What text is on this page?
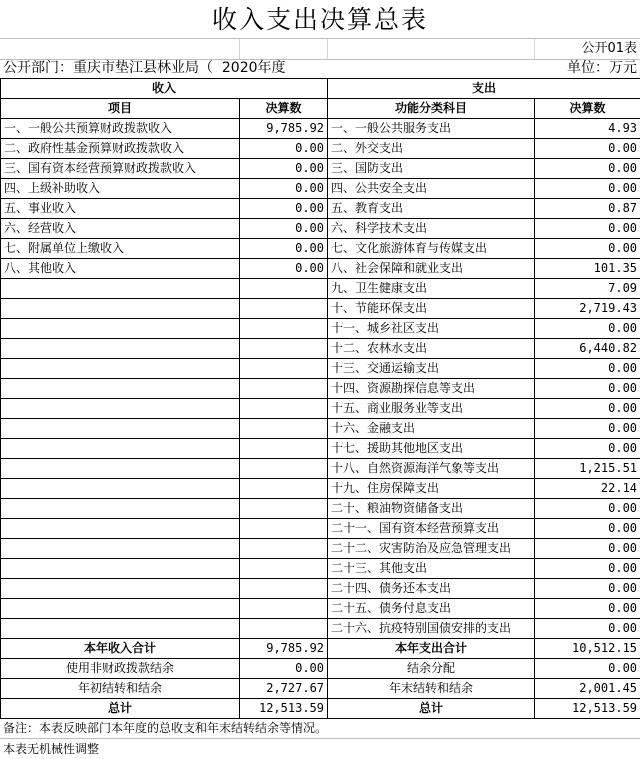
收入支出决算总表
公开01表
公开部门：重庆市垫江县林业局（  2020年度	单位：万元
收入		支出	
项目	决算数	功能分类科目	决算数
一、一般公共预算财政拨款收入	9,785.92	一、一般公共服务支出	4.93
二、政府性基金预算财政拨款收入	0.00	二、外交支出	0.00
三、国有资本经营预算财政拨款收入	0.00	三、国防支出	0.00
四、上级补助收入	0.00	四、公共安全支出	0.00
五、事业收入	0.00	五、教育支出	0.87
六、经营收入	0.00	六、科学技术支出	0.00
七、附属单位上缴收入	0.00	七、文化旅游体育与传媒支出	0.00
八、其他收入	0.00	八、社会保障和就业支出	101.35
		九、卫生健康支出	7.09
		十、节能环保支出	2,719.43
		十一、城乡社区支出	0.00
		十二、农林水支出	6,440.82
		十三、交通运输支出	0.00
		十四、资源勘探信息等支出	0.00
		十五、商业服务业等支出	0.00
		十六、金融支出	0.00
		十七、援助其他地区支出	0.00
		十八、自然资源海洋气象等支出	1,215.51
		十九、住房保障支出	22.14
		二十、粮油物资储备支出	0.00
		二十一、国有资本经营预算支出	0.00
		二十二、灾害防治及应急管理支出	0.00
		二十三、其他支出	0.00
		二十四、债务还本支出	0.00
		二十五、债务付息支出	0.00
		二十六、抗疫特别国债安排的支出	0.00
本年收入合计	9,785.92	本年支出合计	10,512.15
使用非财政拨款结余	0.00	结余分配	0.00
年初结转和结余	2,727.67	年末结转和结余	2,001.45
总计	12,513.59	总计	12,513.59
备注：本表反映部门本年度的总收支和年末结转结余等情况。
本表无机械性调整
